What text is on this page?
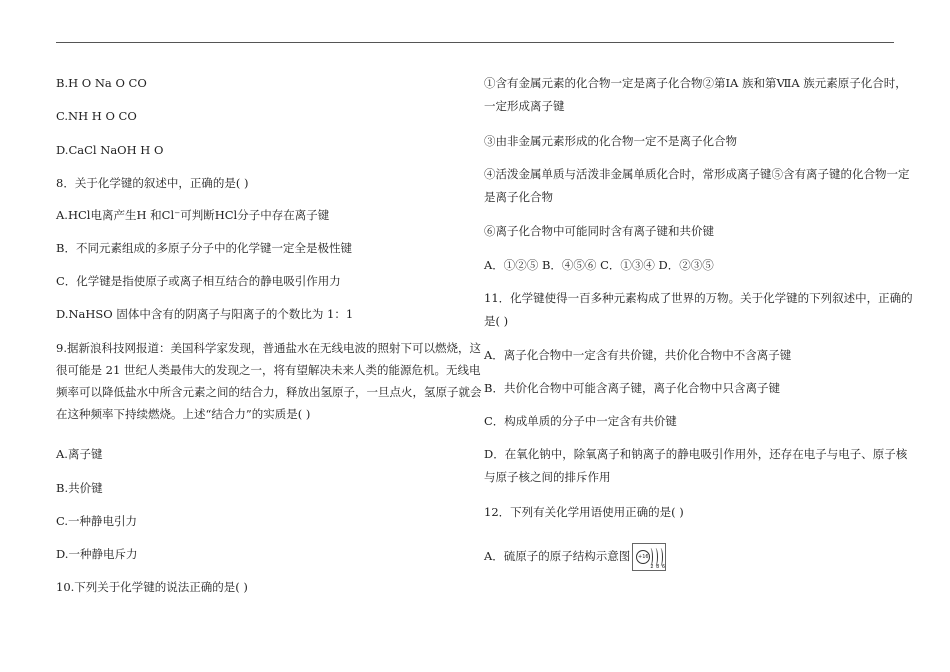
B.H O Na O CO
C.NH H O CO
D.CaCl NaOH H O
8．关于化学键的叙述中，正确的是( )
A.HCl电离产生H 和Cl⁻可判断HCl分子中存在离子键
B．不同元素组成的多原子分子中的化学键一定全是极性键
C．化学键是指使原子或离子相互结合的静电吸引作用力
D.NaHSO 固体中含有的阴离子与阳离子的个数比为 1：1
9.据新浪科技网报道：美国科学家发现，普通盐水在无线电波的照射下可以燃烧，这
很可能是 21 世纪人类最伟大的发现之一，将有望解决未来人类的能源危机。无线电
频率可以降低盐水中所含元素之间的结合力，释放出氢原子，一旦点火，氢原子就会
在这种频率下持续燃烧。上述“结合力”的实质是( )
A.离子键
B.共价键
C.一种静电引力
D.一种静电斥力
10.下列关于化学键的说法正确的是( )
①含有金属元素的化合物一定是离子化合物②第ⅠA 族和第ⅦA 族元素原子化合时，
一定形成离子键
③由非金属元素形成的化合物一定不是离子化合物
④活泼金属单质与活泼非金属单质化合时，常形成离子键⑤含有离子键的化合物一定
是离子化合物
⑥离子化合物中可能同时含有离子键和共价键
A．①②⑤ B．④⑤⑥ C．①③④ D．②③⑤
11．化学键使得一百多种元素构成了世界的万物。关于化学键的下列叙述中，正确的
是( )
A．离子化合物中一定含有共价键，共价化合物中不含离子键
B．共价化合物中可能含离子键，离子化合物中只含离子键
C．构成单质的分子中一定含有共价键
D．在氧化钠中，除氧离子和钠离子的静电吸引作用外，还存在电子与电子、原子核
与原子核之间的排斥作用
12．下列有关化学用语使用正确的是( )
A．硫原子的原子结构示意图	+16
2 8 6
